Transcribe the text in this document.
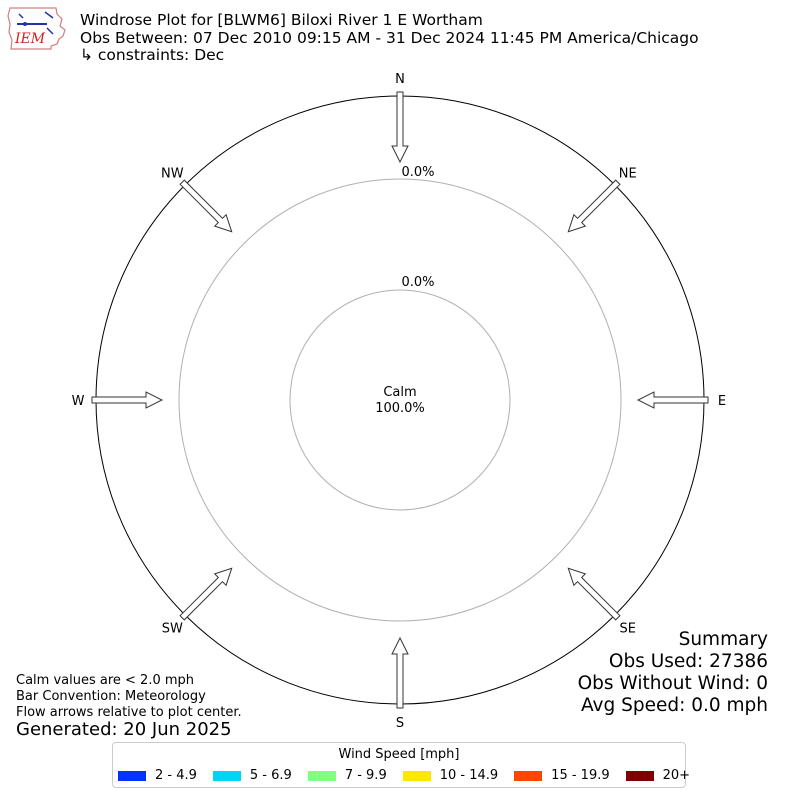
IEM
Windrose Plot for [BLWM6] Biloxi River 1 E Wortham
Obs Between: 07 Dec 2010 09:15 AM - 31 Dec 2024 11:45 PM America/Chicago
↳ constraints: Dec
N
NE
E
SE
S
SW
W
NW	0.0%
0.0%
Calm
100.0%
Calm values are < 2.0 mph
Bar Convention: Meteorology
Flow arrows relative to plot center.
Generated: 20 Jun 2025
Summary
Obs Used: 27386
Obs Without Wind: 0
Avg Speed: 0.0 mph
Wind Speed [mph]
2 - 4.9	5 - 6.9	7 - 9.9	10 - 14.9	15 - 19.9	20+
